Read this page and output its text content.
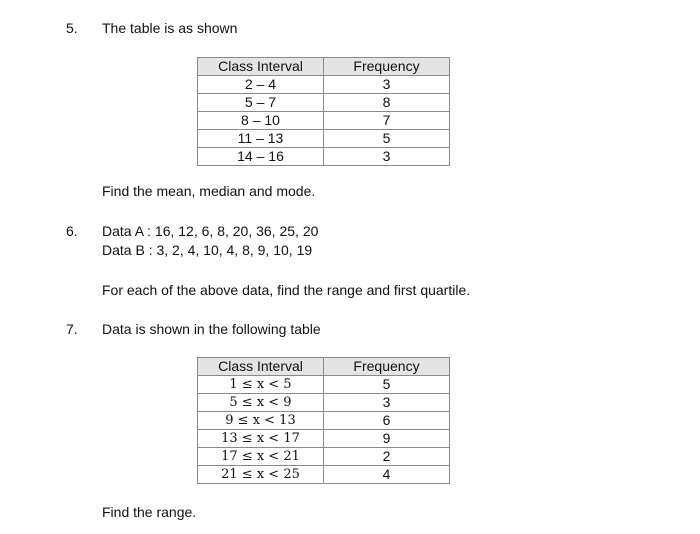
5. The table is as shown
Class Interval	Frequency
2 – 4	3
5 – 7	8
8 – 10	7
11 – 13	5
14 – 16	3
Find the mean, median and mode.
6. Data A : 16, 12, 6, 8, 20, 36, 25, 20
Data B : 3, 2, 4, 10, 4, 8, 9, 10, 19
For each of the above data, find the range and first quartile.
7. Data is shown in the following table
Class Interval	Frequency
1 ≤ x < 5	5
5 ≤ x < 9	3
9 ≤ x < 13	6
13 ≤ x < 17	9
17 ≤ x < 21	2
21 ≤ x < 25	4
Find the range.
